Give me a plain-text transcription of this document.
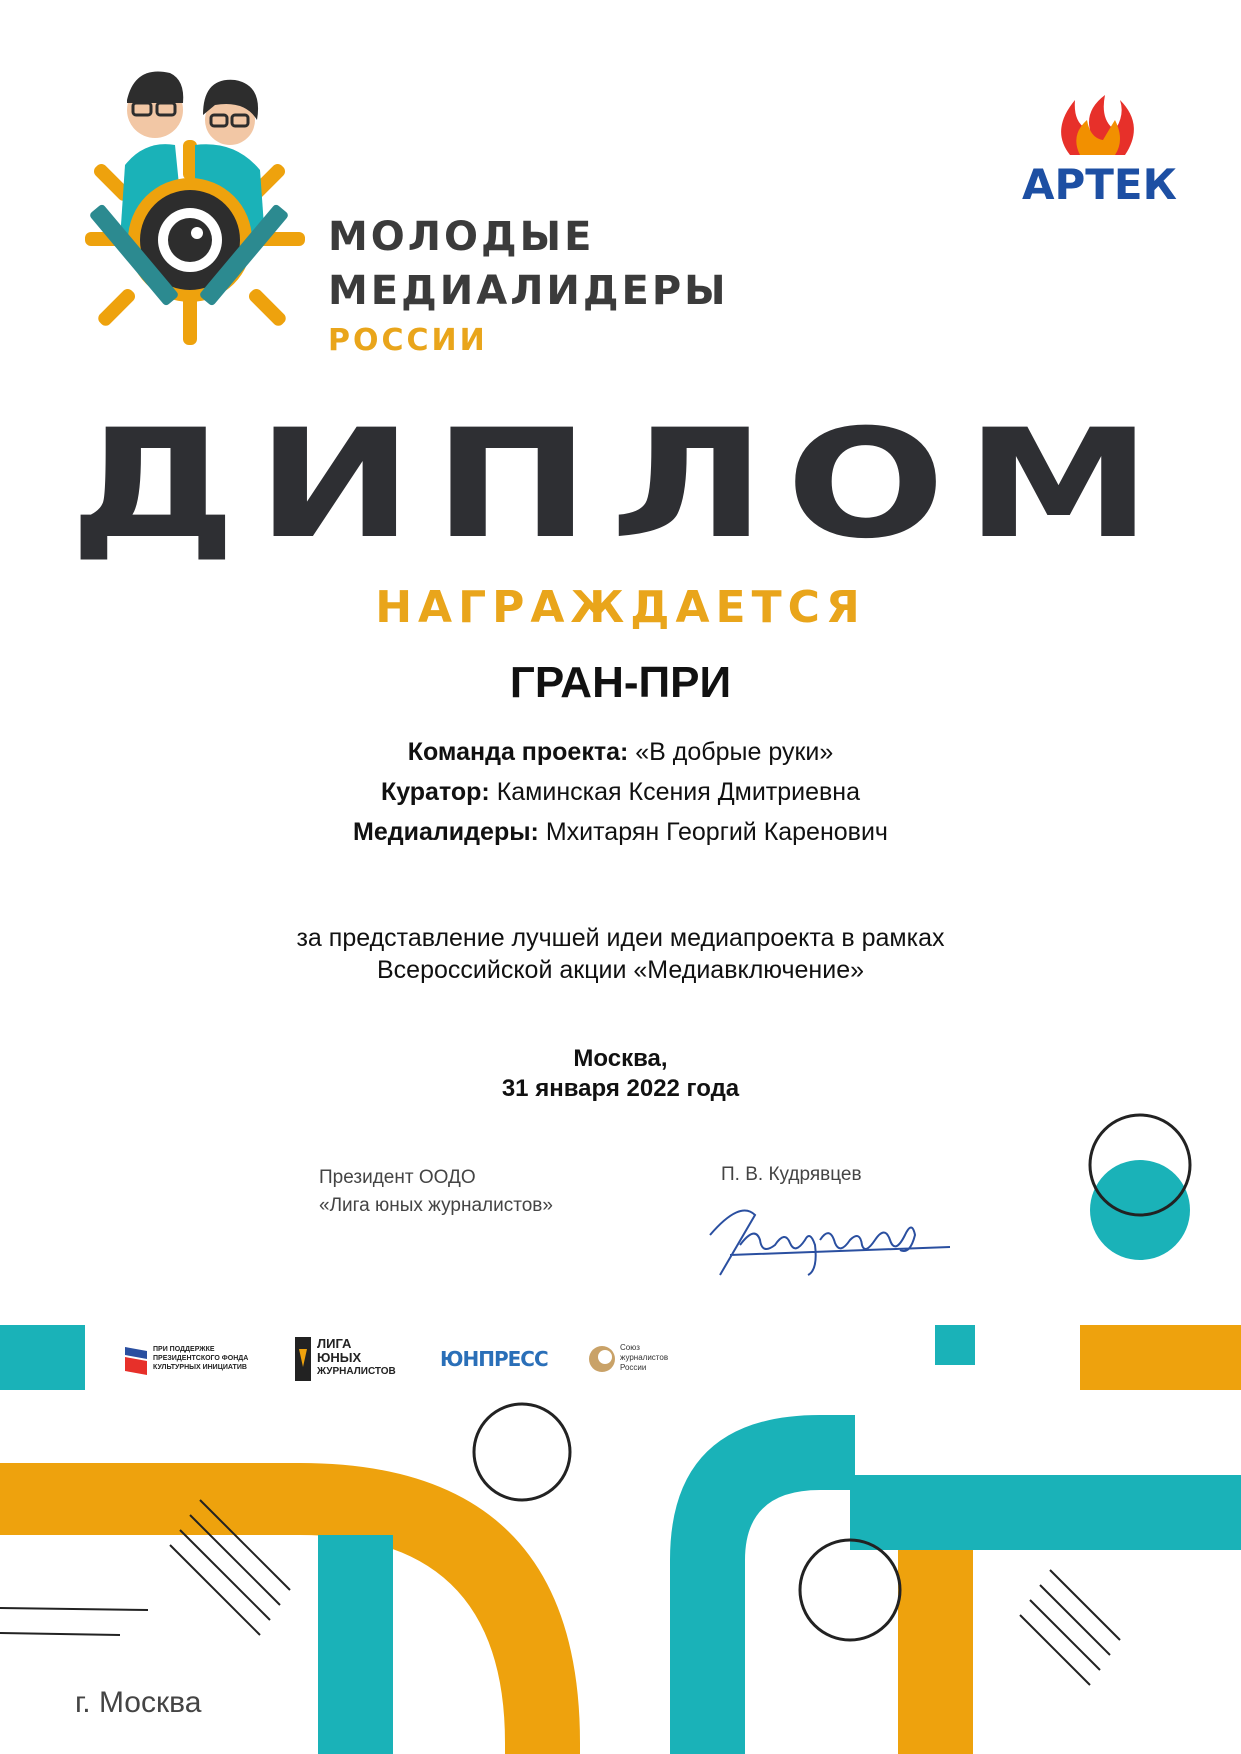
МОЛОДЫЕ
МЕДИАЛИДЕРЫ
РОССИИ
АРТЕК
ДИПЛОМ
НАГРАЖДАЕТСЯ
ГРАН-ПРИ
Команда проекта: «В добрые руки»
Куратор: Каминская Ксения Дмитриевна
Медиалидеры: Мхитарян Георгий Каренович
за представление лучшей идеи медиапроекта в рамках
Всероссийской акции «Медиавключение»
Москва,
31 января 2022 года
Президент ООДО
«Лига юных журналистов»
П. В. Кудрявцев
ПРИ ПОДДЕРЖКЕ
ПРЕЗИДЕНТСКОГО ФОНДА
КУЛЬТУРНЫХ ИНИЦИАТИВ
ЛИГА
ЮНЫХ
ЖУРНАЛИСТОВ
ЮНПРЕСС	Союз
журналистов
России
г. Москва
